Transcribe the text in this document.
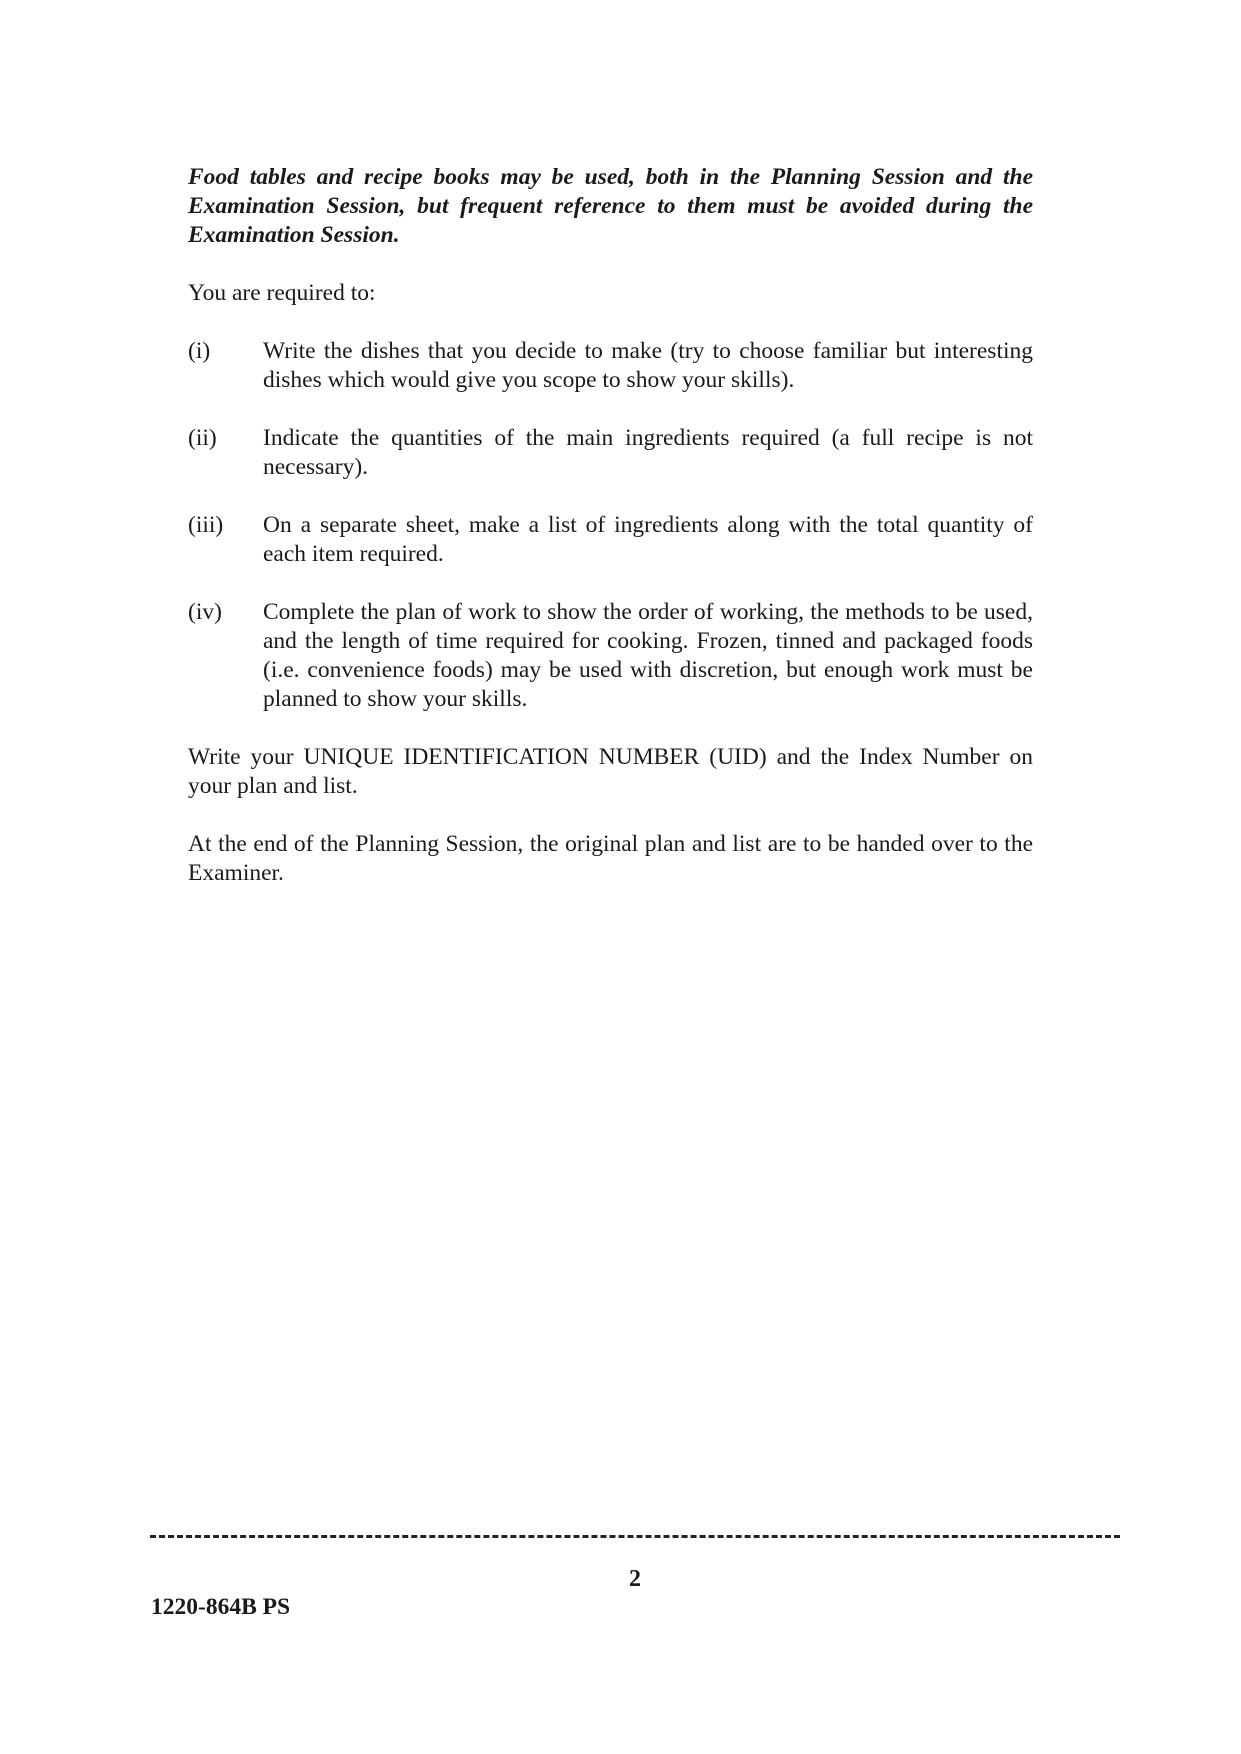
Food tables and recipe books may be used, both in the Planning Session and the Examination Session, but frequent reference to them must be avoided during the Examination Session.

You are required to:

(i)	Write the dishes that you decide to make (try to choose familiar but interesting dishes which would give you scope to show your skills).
(ii)	Indicate the quantities of the main ingredients required (a full recipe is not necessary).
(iii)	On a separate sheet, make a list of ingredients along with the total quantity of each item required.
(iv)	Complete the plan of work to show the order of working, the methods to be used, and the length of time required for cooking. Frozen, tinned and packaged foods (i.e. convenience foods) may be used with discretion, but enough work must be planned to show your skills.

Write your UNIQUE IDENTIFICATION NUMBER (UID) and the Index Number on your plan and list.

At the end of the Planning Session, the original plan and list are to be handed over to the Examiner.

2
1220-864B PS
